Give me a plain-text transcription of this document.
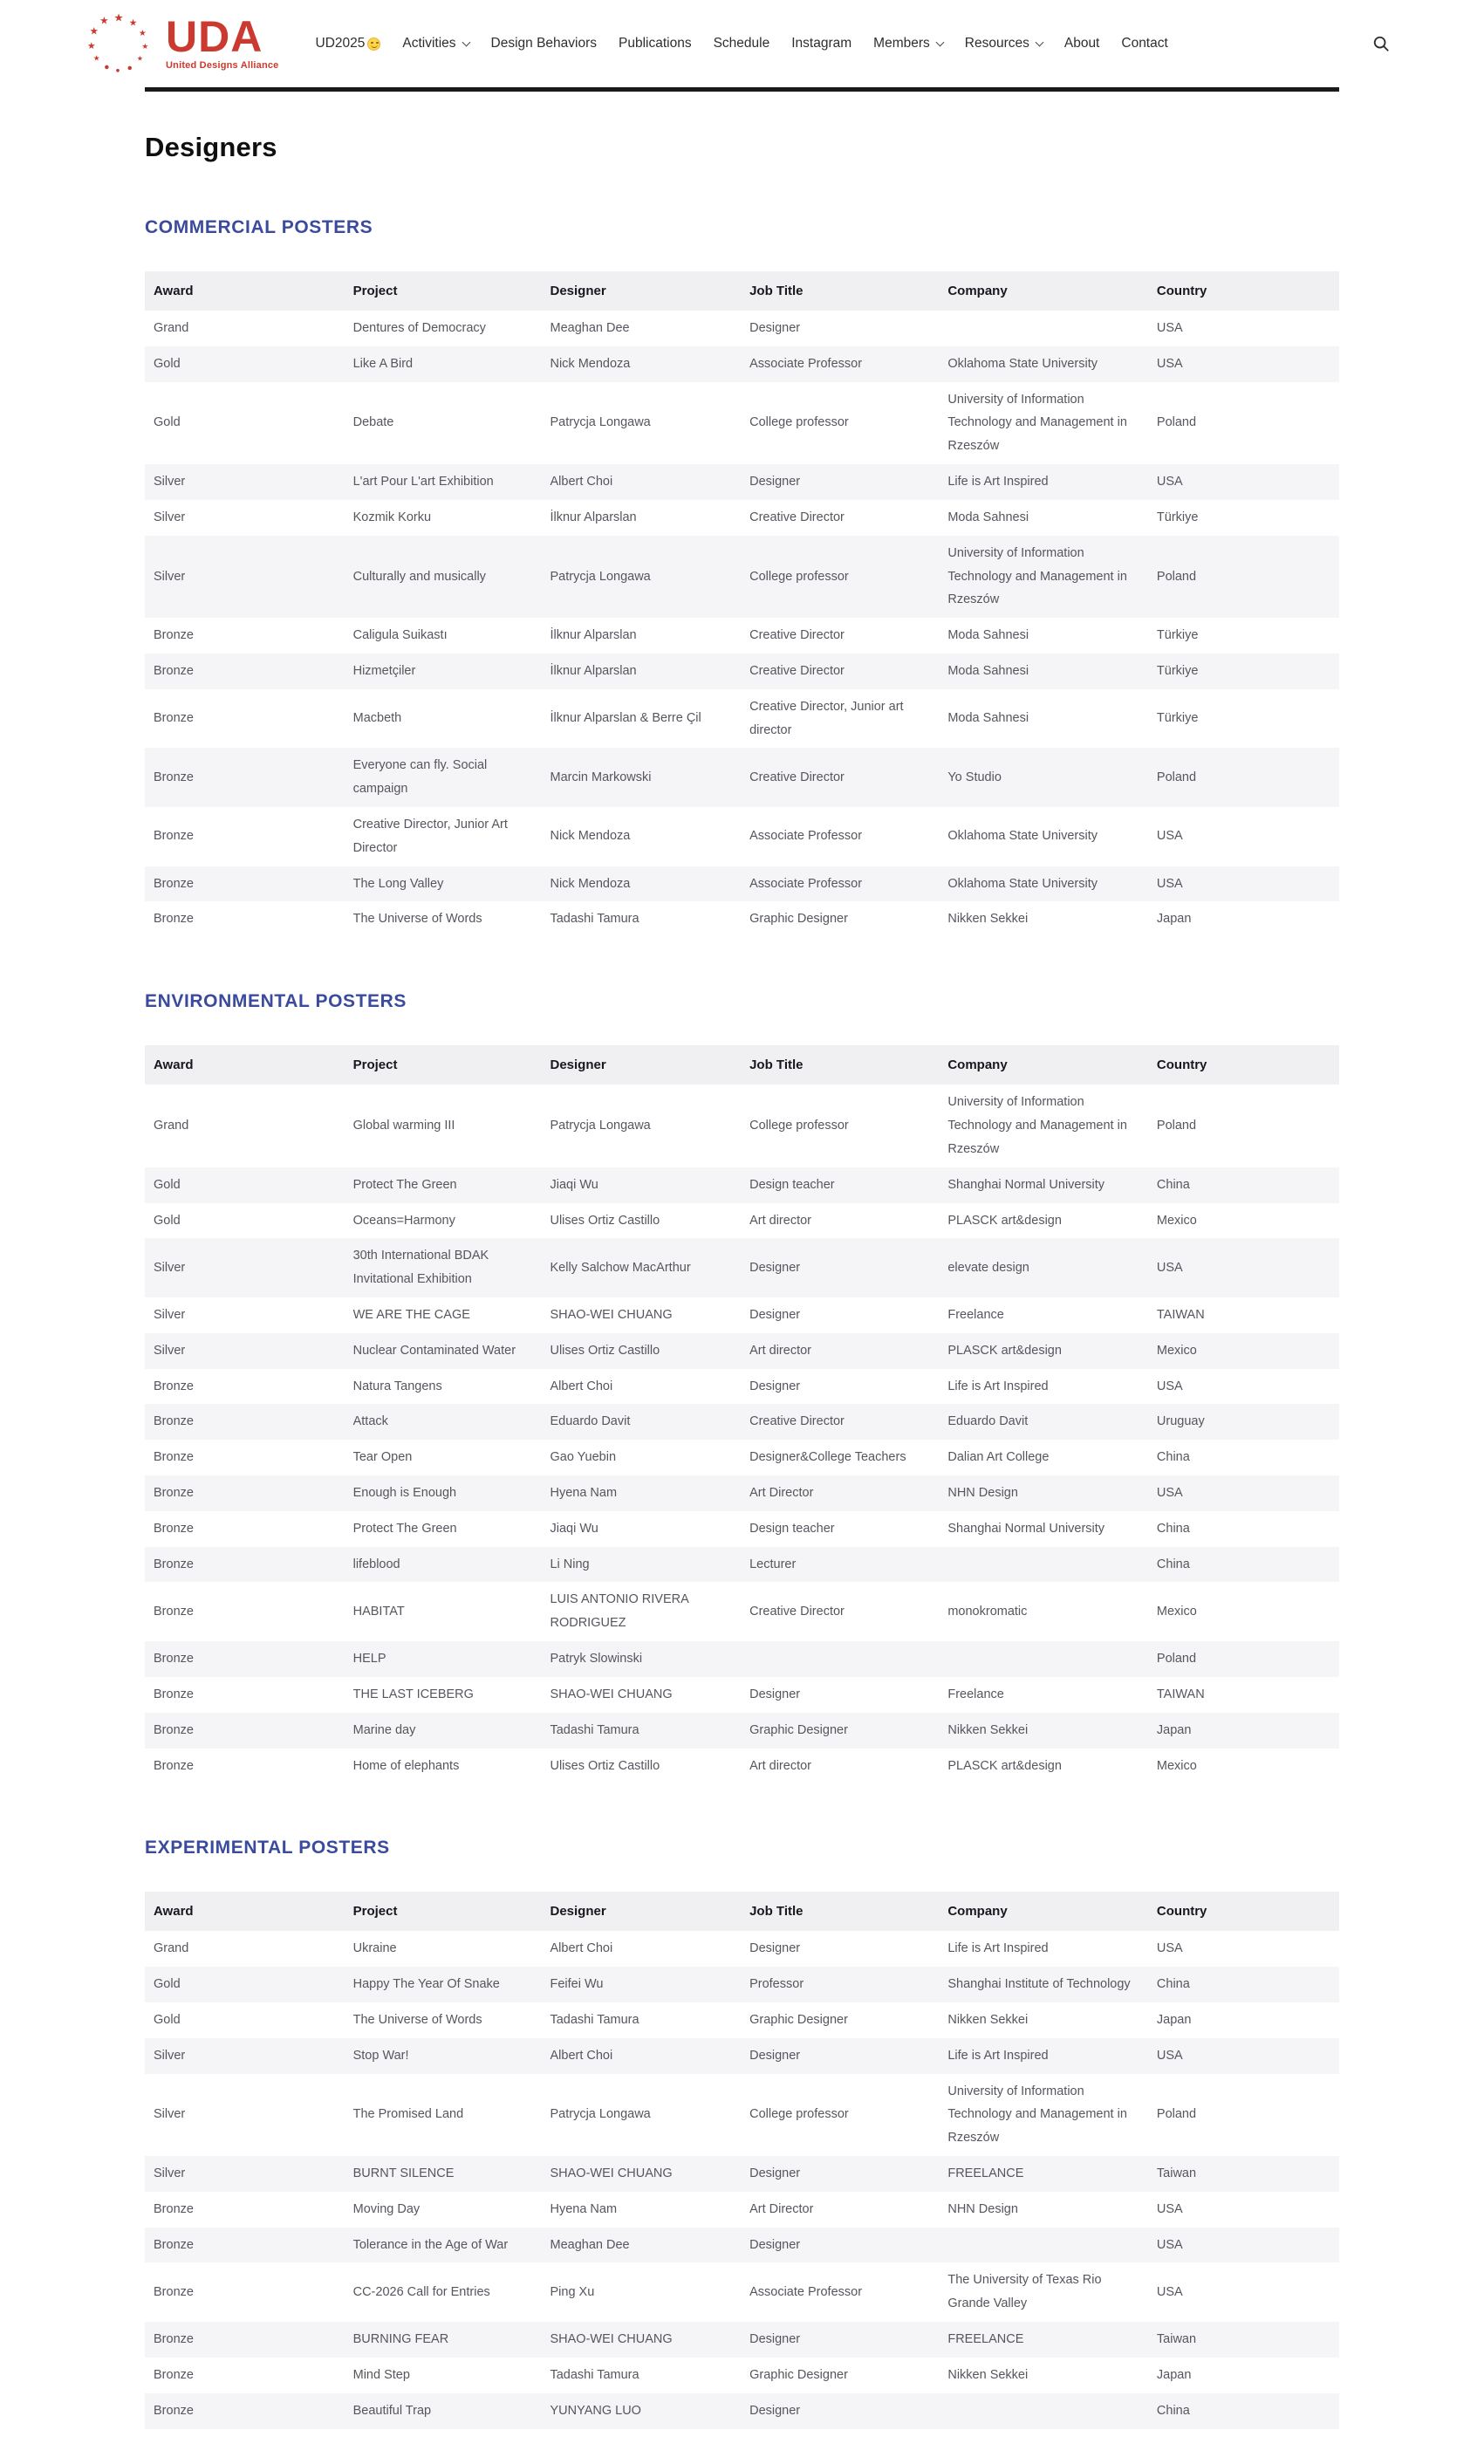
★ ★
★
★
★
●
●
●
★
★
★
★ UDA
United Designs Alliance
UD2025	Activities	Design Behaviors Publications Schedule Instagram Members	Resources	About Contact
Designers
COMMERCIAL POSTERS
Award	Project	Designer	Job Title	Company	Country
Grand	Dentures of Democracy	Meaghan Dee	Designer		USA
Gold	Like A Bird	Nick Mendoza	Associate Professor	Oklahoma State University	USA
Gold	Debate	Patrycja Longawa	College professor	University of Information Technology and Management in Rzeszów	Poland
Silver	L'art Pour L'art Exhibition	Albert Choi	Designer	Life is Art Inspired	USA
Silver	Kozmik Korku	İlknur Alparslan	Creative Director	Moda Sahnesi	Türkiye
Silver	Culturally and musically	Patrycja Longawa	College professor	University of Information Technology and Management in Rzeszów	Poland
Bronze	Caligula Suikastı	İlknur Alparslan	Creative Director	Moda Sahnesi	Türkiye
Bronze	Hizmetçiler	İlknur Alparslan	Creative Director	Moda Sahnesi	Türkiye
Bronze	Macbeth	İlknur Alparslan & Berre Çil	Creative Director, Junior art director	Moda Sahnesi	Türkiye
Bronze	Everyone can fly. Social campaign	Marcin Markowski	Creative Director	Yo Studio	Poland
Bronze	Creative Director, Junior Art Director	Nick Mendoza	Associate Professor	Oklahoma State University	USA
Bronze	The Long Valley	Nick Mendoza	Associate Professor	Oklahoma State University	USA
Bronze	The Universe of Words	Tadashi Tamura	Graphic Designer	Nikken Sekkei	Japan
ENVIRONMENTAL POSTERS
Award	Project	Designer	Job Title	Company	Country
Grand	Global warming III	Patrycja Longawa	College professor	University of Information Technology and Management in Rzeszów	Poland
Gold	Protect The Green	Jiaqi Wu	Design teacher	Shanghai Normal University	China
Gold	Oceans=Harmony	Ulises Ortiz Castillo	Art director	PLASCK art&design	Mexico
Silver	30th International BDAK Invitational Exhibition	Kelly Salchow MacArthur	Designer	elevate design	USA
Silver	WE ARE THE CAGE	SHAO-WEI CHUANG	Designer	Freelance	TAIWAN
Silver	Nuclear Contaminated Water	Ulises Ortiz Castillo	Art director	PLASCK art&design	Mexico
Bronze	Natura Tangens	Albert Choi	Designer	Life is Art Inspired	USA
Bronze	Attack	Eduardo Davit	Creative Director	Eduardo Davit	Uruguay
Bronze	Tear Open	Gao Yuebin	Designer&College Teachers	Dalian Art College	China
Bronze	Enough is Enough	Hyena Nam	Art Director	NHN Design	USA
Bronze	Protect The Green	Jiaqi Wu	Design teacher	Shanghai Normal University	China
Bronze	lifeblood	Li Ning	Lecturer		China
Bronze	HABITAT	LUIS ANTONIO RIVERA RODRIGUEZ	Creative Director	monokromatic	Mexico
Bronze	HELP	Patryk Slowinski			Poland
Bronze	THE LAST ICEBERG	SHAO-WEI CHUANG	Designer	Freelance	TAIWAN
Bronze	Marine day	Tadashi Tamura	Graphic Designer	Nikken Sekkei	Japan
Bronze	Home of elephants	Ulises Ortiz Castillo	Art director	PLASCK art&design	Mexico
EXPERIMENTAL POSTERS
Award	Project	Designer	Job Title	Company	Country
Grand	Ukraine	Albert Choi	Designer	Life is Art Inspired	USA
Gold	Happy The Year Of Snake	Feifei Wu	Professor	Shanghai Institute of Technology	China
Gold	The Universe of Words	Tadashi Tamura	Graphic Designer	Nikken Sekkei	Japan
Silver	Stop War!	Albert Choi	Designer	Life is Art Inspired	USA
Silver	The Promised Land	Patrycja Longawa	College professor	University of Information Technology and Management in Rzeszów	Poland
Silver	BURNT SILENCE	SHAO-WEI CHUANG	Designer	FREELANCE	Taiwan
Bronze	Moving Day	Hyena Nam	Art Director	NHN Design	USA
Bronze	Tolerance in the Age of War	Meaghan Dee	Designer		USA
Bronze	CC-2026 Call for Entries	Ping Xu	Associate Professor	The University of Texas Rio Grande Valley	USA
Bronze	BURNING FEAR	SHAO-WEI CHUANG	Designer	FREELANCE	Taiwan
Bronze	Mind Step	Tadashi Tamura	Graphic Designer	Nikken Sekkei	Japan
Bronze	Beautiful Trap	YUNYANG LUO	Designer		China
